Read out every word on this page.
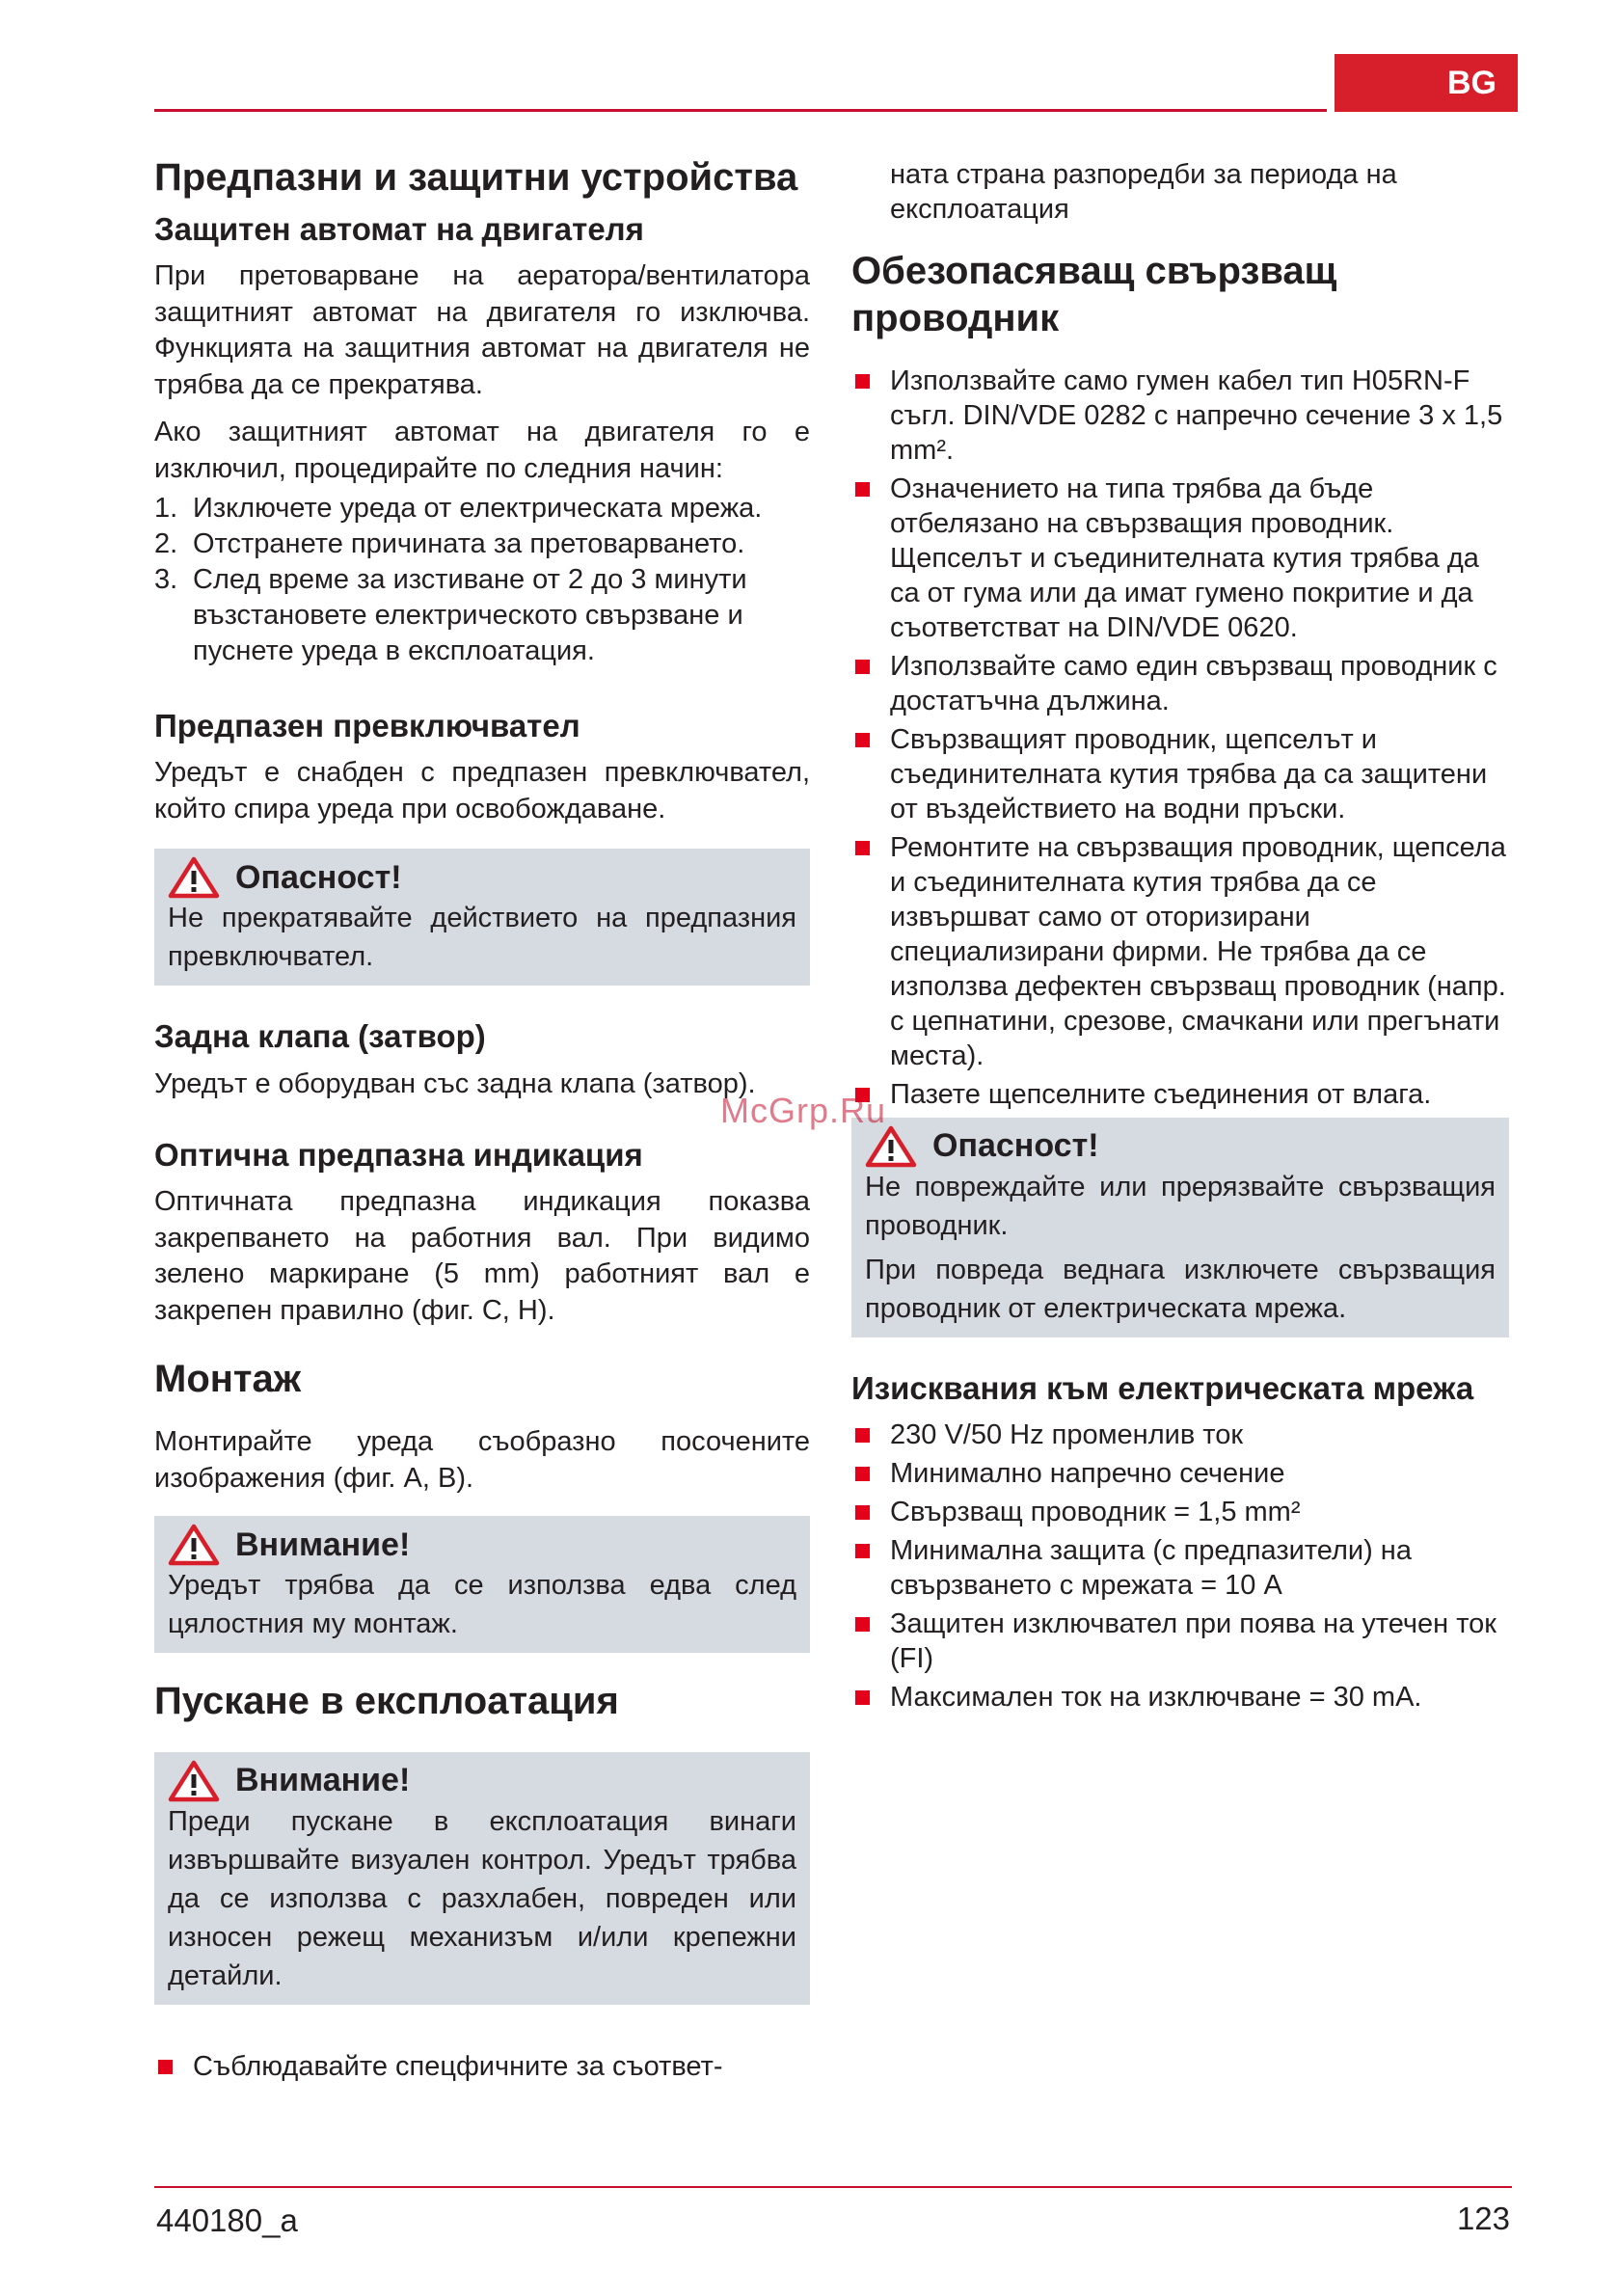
BG
Предпазни и защитни устройства
Защитен автомат на двигателя

При претоварване на аератора/вентилатора защитният автомат на двигателя го изключва. Функцията на защитния автомат на двигателя не трябва да се прекратява.

Ако защитният автомат на двигателя го е изключил, процедирайте по следния начин:

1. Изключете уреда от електрическата мрежа.
2. Отстранете причината за претоварването.
3. След време за изстиване от 2 до 3 минути възстановете електрическото свързване и пуснете уреда в експлоатация.
Предпазен превключвател

Уредът е снабден с предпазен превключвател, който спира уреда при освобождаване.

Опасност!

Не прекратявайте действието на предпазния превключвател.

Задна клапа (затвор)

Уредът е оборудван със задна клапа (затвор).

Оптична предпазна индикация

Оптичната предпазна индикация показва закрепването на работния вал. При видимо зелено маркиране (5 mm) работният вал е закрепен правилно (фиг. C, H).

Монтаж

Монтирайте уреда съобразно посочените изображения (фиг. A, B).

Внимание!

Уредът трябва да се използва едва след цялостния му монтаж.

Пускане в експлоатация
Внимание!

Преди пускане в експлоатация винаги извършвайте визуален контрол. Уредът трябва да се използва с разхлабен, повреден или износен режещ механизъм и/или крепежни детайли.

Съблюдавайте спецфичните за съответ-

ната страна разпоредби за периода на експлоатация

Обезопасяващ свързващ проводник
Използвайте само гумен кабел тип H05RN-F съгл. DIN/VDE 0282 с напречно сечение 3 x 1,5 mm².
Означението на типа трябва да бъде отбелязано на свързващия проводник. Щепселът и съединителната кутия трябва да са от гума или да имат гумено покритие и да съответстват на DIN/VDE 0620.
Използвайте само един свързващ проводник с достатъчна дължина.
Свързващият проводник, щепселът и съединителната кутия трябва да са защитени от въздействието на водни пръски.
Ремонтите на свързващия проводник, щепсела и съединителната кутия трябва да се извършват само от оторизирани специализирани фирми. Не трябва да се използва дефектен свързващ проводник (напр. с цепнатини, срезове, смачкани или прегънати места).
Пазете щепселните съединения от влага.
Опасност!

Не повреждайте или прерязвайте свързващия проводник.

При повреда веднага изключете свързващия проводник от електрическата мрежа.

McGrp.Ru
Изисквания към електрическата мрежа
230 V/50 Hz променлив ток
Минимално напречно сечение
Свързващ проводник = 1,5 mm²
Минимална защита (с предпазители) на свързването с мрежата = 10 A
Защитен изключвател при поява на утечен ток (FI)
Максимален ток на изключване = 30 mA.
440180_a	123
